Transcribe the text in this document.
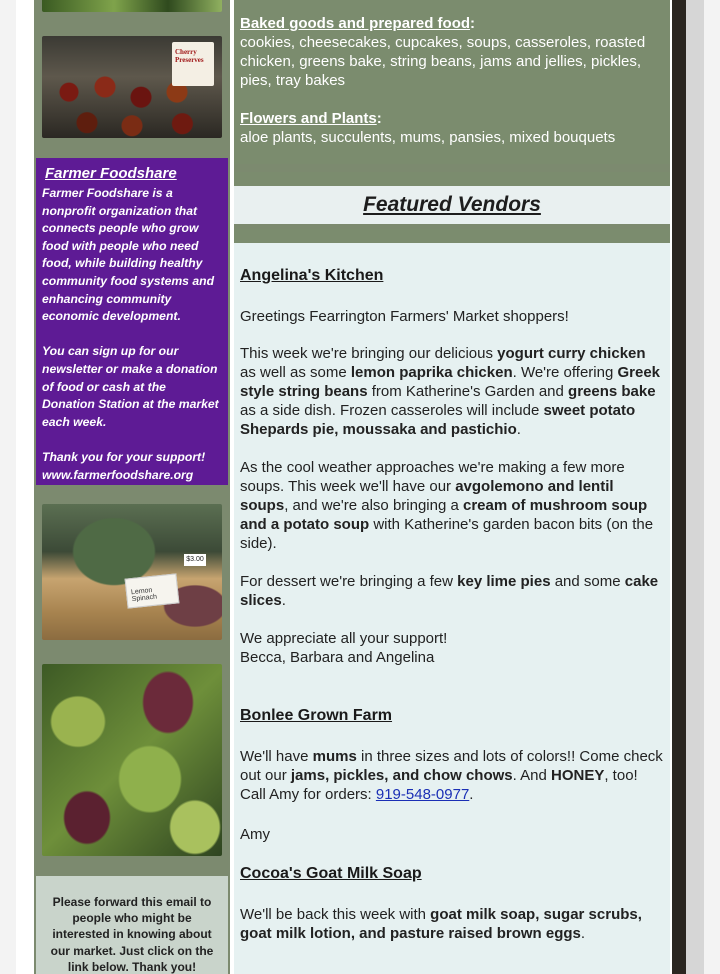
Cherry Preserves
Farmer Foodshare

Farmer Foodshare is a nonprofit organization that connects people who grow food with people who need food, while building healthy community food systems and enhancing community economic development.

You can sign up for our newsletter or make a donation of food or cash at the Donation Station at the market each week.

Thank you for your support!
www.farmerfoodshare.org

Lemon Spinach
$3.00

Please forward this email to people who might be interested in knowing about our market. Just click on the link below. Thank you!

Baked goods and prepared food:

cookies, cheesecakes, cupcakes, soups, casseroles, roasted chicken, greens bake, string beans, jams and jellies, pickles, pies, tray bakes

Flowers and Plants:

aloe plants, succulents, mums, pansies, mixed bouquets

Featured Vendors
Angelina's Kitchen

Greetings Fearrington Farmers' Market shoppers!

This week we're bringing our delicious yogurt curry chicken as well as some lemon paprika chicken. We're offering Greek style string beans from Katherine's Garden and greens bake as a side dish. Frozen casseroles will include sweet potato Shepards pie, moussaka and pastichio.

As the cool weather approaches we're making a few more soups. This week we'll have our avgolemono and lentil soups, and we're also bringing a cream of mushroom soup and a potato soup with Katherine's garden bacon bits (on the side).

For dessert we're bringing a few key lime pies and some cake slices.

We appreciate all your support!

Becca, Barbara and Angelina

Bonlee Grown Farm

We'll have mums in three sizes and lots of colors!! Come check out our jams, pickles, and chow chows. And HONEY, too! Call Amy for orders: 919-548-0977.

Amy

Cocoa's Goat Milk Soap

We'll be back this week with goat milk soap, sugar scrubs, goat milk lotion, and pasture raised brown eggs.
